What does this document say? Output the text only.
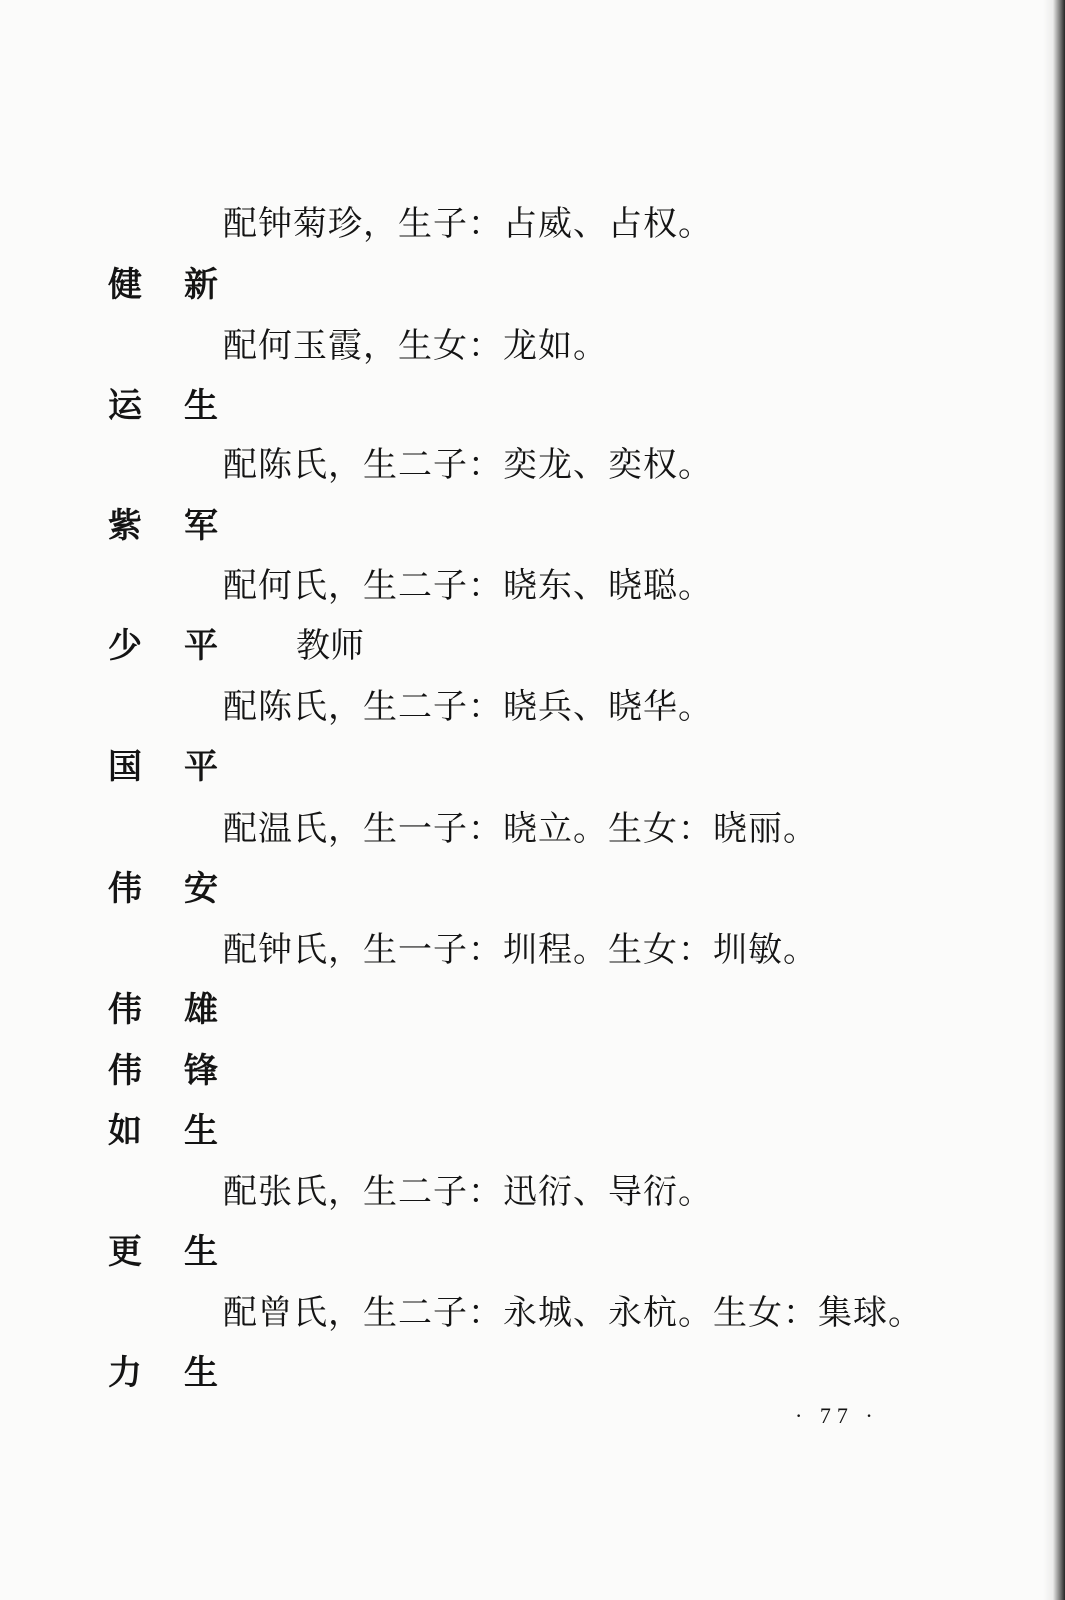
配钟菊珍，生子：占威、占权。
健 新
配何玉霞，生女：龙如。
运 生
配陈氏，生二子：奕龙、奕权。
紫 军
配何氏，生二子：晓东、晓聪。
少 平 教师
配陈氏，生二子：晓兵、晓华。
国 平
配温氏，生一子：晓立。生女：晓丽。
伟 安
配钟氏，生一子：圳程。生女：圳敏。
伟 雄
伟 锋
如 生
配张氏，生二子：迅衍、导衍。
更 生
配曾氏，生二子：永城、永杭。生女：集球。
力 生
· 77 ·
